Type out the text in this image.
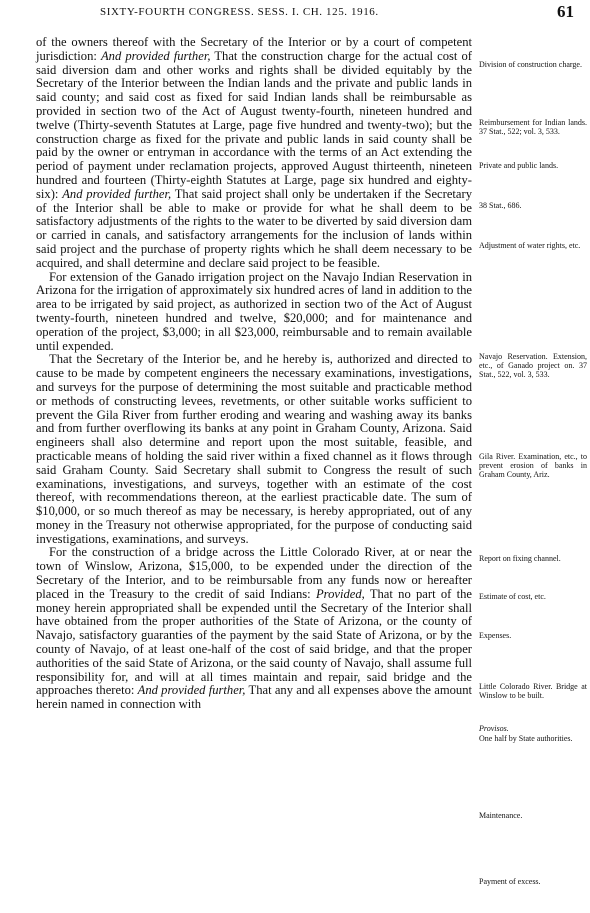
SIXTY-FOURTH CONGRESS. SESS. I. CH. 125. 1916.	61

of the owners thereof with the Secretary of the Interior or by a court of competent jurisdiction: And provided further, That the construction charge for the actual cost of said diversion dam and other works and rights shall be divided equitably by the Secretary of the Interior between the Indian lands and the private and public lands in said county; and said cost as fixed for said Indian lands shall be reimbursable as provided in section two of the Act of August twenty-fourth, nineteen hundred and twelve (Thirty-seventh Statutes at Large, page five hundred and twenty-two); but the construction charge as fixed for the private and public lands in said county shall be paid by the owner or entryman in accordance with the terms of an Act extending the period of payment under reclamation projects, approved August thirteenth, nineteen hundred and fourteen (Thirty-eighth Statutes at Large, page six hundred and eighty-six): And provided further, That said project shall only be undertaken if the Secretary of the Interior shall be able to make or provide for what he shall deem to be satisfactory adjustments of the rights to the water to be diverted by said diversion dam or carried in canals, and satisfactory arrangements for the inclusion of lands within said project and the purchase of property rights which he shall deem necessary to be acquired, and shall determine and declare said project to be feasible.

For extension of the Ganado irrigation project on the Navajo Indian Reservation in Arizona for the irrigation of approximately six hundred acres of land in addition to the area to be irrigated by said project, as authorized in section two of the Act of August twenty-fourth, nineteen hundred and twelve, $20,000; and for maintenance and operation of the project, $3,000; in all $23,000, reimbursable and to remain available until expended.

That the Secretary of the Interior be, and he hereby is, authorized and directed to cause to be made by competent engineers the necessary examinations, investigations, and surveys for the purpose of determining the most suitable and practicable method or methods of constructing levees, revetments, or other suitable works sufficient to prevent the Gila River from further eroding and wearing and washing away its banks and from further overflowing its banks at any point in Graham County, Arizona. Said engineers shall also determine and report upon the most suitable, feasible, and practicable means of holding the said river within a fixed channel as it flows through said Graham County. Said Secretary shall submit to Congress the result of such examinations, investigations, and surveys, together with an estimate of the cost thereof, with recommendations thereon, at the earliest practicable date. The sum of $10,000, or so much thereof as may be necessary, is hereby appropriated, out of any money in the Treasury not otherwise appropriated, for the purpose of conducting said investigations, examinations, and surveys.

For the construction of a bridge across the Little Colorado River, at or near the town of Winslow, Arizona, $15,000, to be expended under the direction of the Secretary of the Interior, and to be reimbursable from any funds now or hereafter placed in the Treasury to the credit of said Indians: Provided, That no part of the money herein appropriated shall be expended until the Secretary of the Interior shall have obtained from the proper authorities of the State of Arizona, or the county of Navajo, satisfactory guaranties of the payment by the said State of Arizona, or by the county of Navajo, of at least one-half of the cost of said bridge, and that the proper authorities of the said State of Arizona, or the said county of Navajo, shall assume full responsibility for, and will at all times maintain and repair, said bridge and the approaches thereto: And provided further, That any and all expenses above the amount herein named in connection with

Division of construction charge.
Reimbursement for Indian lands. 37 Stat., 522; vol. 3, 533.
Private and public lands.
38 Stat., 686.
Adjustment of water rights, etc.
Navajo Reservation. Extension, etc., of Ganado project on. 37 Stat., 522, vol. 3, 533.
Gila River. Examination, etc., to prevent erosion of banks in Graham County, Ariz.
Report on fixing channel.
Estimate of cost, etc.
Expenses.
Little Colorado River. Bridge at Winslow to be built.
Provisos.
One half by State authorities.
Maintenance.
Payment of excess.
